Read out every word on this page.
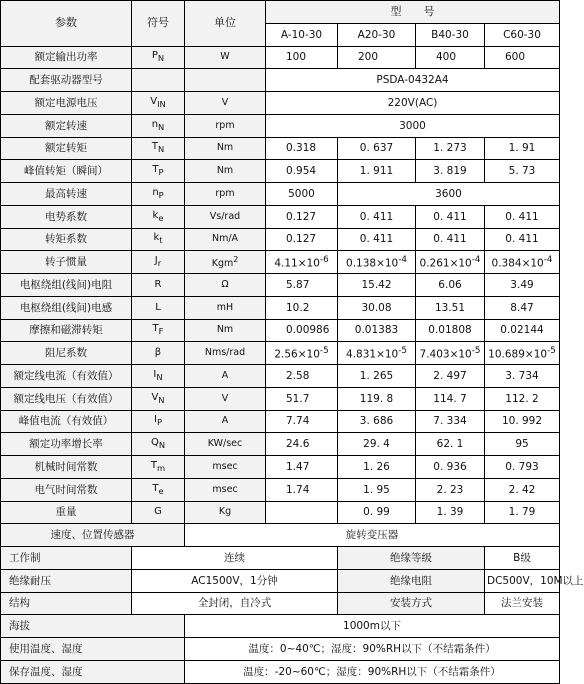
参数	符号	单位	型　　号			
			A-10-30	A20-30	B40-30	C60-30
额定输出功率	$P_N$	W	100	200	400	600
配套驱动器型号			PSDA-0432A4			
额定电源电压	$V_{IN}$	V	220V(AC)			
额定转速	$n_N$	rpm	3000			
额定转矩	$T_N$	Nm	0.318	0. 637	1. 273	1. 91
峰值转矩（瞬间）	$T_P$	Nm	0.954	1. 911	3. 819	5. 73
最高转速	$n_P$	rpm	5000	3600		
电势系数	$k_e$	Vs/rad	0.127	0. 411	0. 411	0. 411
转矩系数	$k_t$	Nm/A	0.127	0. 411	0. 411	0. 411
转子惯量	$J_r$	Kgm$^2$	$4.11\times 10^{-6}$	$0.138\times 10^{-4}$	$0.261\times 10^{-4}$	$0.384\times 10^{-4}$
电枢绕组(线间)电阻	R	Ω	5.87	15.42	6.06	3.49
电枢绕组(线间)电感	L	mH	10.2	30.08	13.51	8.47
摩擦和磁滞转矩	$T_F$	Nm	0.00986	0.01383	0.01808	0.02144
阻尼系数	β	Nms/rad	$2.56\times 10^{-5}$	$4.831\times 10^{-5}$	$7.403\times 10^{-5}$	$10.689\times 10^{-5}$
额定线电流（有效值）	$I_N$	A	2.58	1. 265	2. 497	3. 734
额定线电压（有效值）	$V_N$	V	51.7	119. 8	114. 7	112. 2
峰值电流（有效值）	$I_P$	A	7.74	3. 686	7. 334	10. 992
额定功率增长率	$Q_N$	KW/sec	24.6	29. 4	62. 1	95
机械时间常数	$T_m$	msec	1.47	1. 26	0. 936	0. 793
电气时间常数	$T_e$	msec	1.74	1. 95	2. 23	2. 42
重量	G	Kg		0. 99	1. 39	1. 79
速度、位置传感器		旋转变压器				
工作制	连续			绝缘等级		B级
绝缘耐压	AC1500V，1分钟			绝缘电阻		DC500V，10M以上
结构	全封闭，自冷式			安装方式		法兰安装
海拔		1000m以下				
使用温度、湿度		温度：0~40℃；湿度：90%RH以下（不结霜条件）				
保存温度、湿度		温度：-20~60℃；湿度：90%RH以下（不结霜条件）				
